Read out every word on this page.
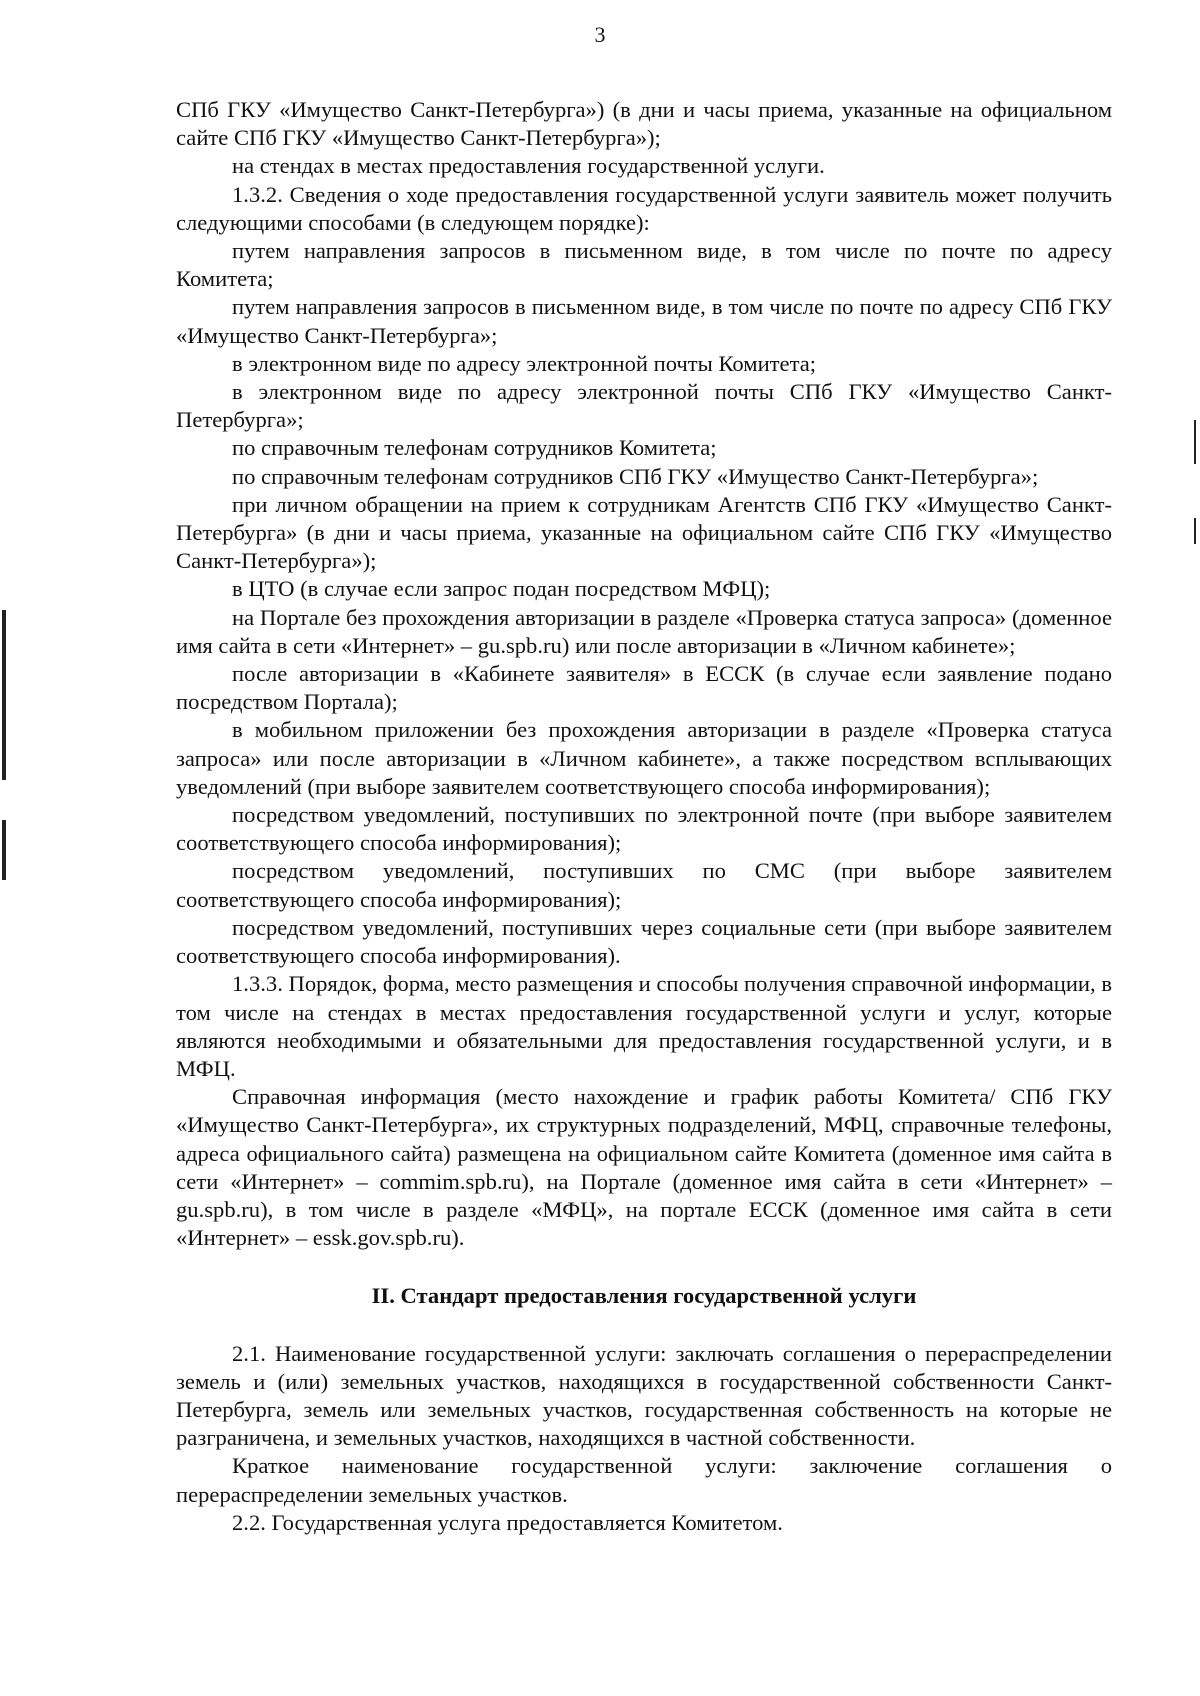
3

СПб ГКУ «Имущество Санкт-Петербурга») (в дни и часы приема, указанные на официальном сайте СПб ГКУ «Имущество Санкт-Петербурга»);

на стендах в местах предоставления государственной услуги.

1.3.2. Сведения о ходе предоставления государственной услуги заявитель может получить следующими способами (в следующем порядке):

путем направления запросов в письменном виде, в том числе по почте по адресу Комитета;

путем направления запросов в письменном виде, в том числе по почте по адресу СПб ГКУ «Имущество Санкт-Петербурга»;

в электронном виде по адресу электронной почты Комитета;

в электронном виде по адресу электронной почты СПб ГКУ «Имущество Санкт-Петербурга»;

по справочным телефонам сотрудников Комитета;

по справочным телефонам сотрудников СПб ГКУ «Имущество Санкт-Петербурга»;

при личном обращении на прием к сотрудникам Агентств СПб ГКУ «Имущество Санкт-Петербурга» (в дни и часы приема, указанные на официальном сайте СПб ГКУ «Имущество Санкт-Петербурга»);

в ЦТО (в случае если запрос подан посредством МФЦ);

на Портале без прохождения авторизации в разделе «Проверка статуса запроса» (доменное имя сайта в сети «Интернет» – gu.spb.ru) или после авторизации в «Личном кабинете»;

после авторизации в «Кабинете заявителя» в ЕССК (в случае если заявление подано посредством Портала);

в мобильном приложении без прохождения авторизации в разделе «Проверка статуса запроса» или после авторизации в «Личном кабинете», а также посредством всплывающих уведомлений (при выборе заявителем соответствующего способа информирования);

посредством уведомлений, поступивших по электронной почте (при выборе заявителем соответствующего способа информирования);

посредством уведомлений, поступивших по СМС (при выборе заявителем соответствующего способа информирования);

посредством уведомлений, поступивших через социальные сети (при выборе заявителем соответствующего способа информирования).

1.3.3. Порядок, форма, место размещения и способы получения справочной информации, в том числе на стендах в местах предоставления государственной услуги и услуг, которые являются необходимыми и обязательными для предоставления государственной услуги, и в МФЦ.

Справочная информация (место нахождение и график работы Комитета/ СПб ГКУ «Имущество Санкт-Петербурга», их структурных подразделений, МФЦ, справочные телефоны, адреса официального сайта) размещена на официальном сайте Комитета (доменное имя сайта в сети «Интернет» – commim.spb.ru), на Портале (доменное имя сайта в сети «Интернет» – gu.spb.ru), в том числе в разделе «МФЦ», на портале ЕССК (доменное имя сайта в сети «Интернет» – essk.gov.spb.ru).

II. Стандарт предоставления государственной услуги

2.1. Наименование государственной услуги: заключать соглашения о перераспределении земель и (или) земельных участков, находящихся в государственной собственности Санкт-Петербурга, земель или земельных участков, государственная собственность на которые не разграничена, и земельных участков, находящихся в частной собственности.

Краткое наименование государственной услуги: заключение соглашения о перераспределении земельных участков.

2.2. Государственная услуга предоставляется Комитетом.
